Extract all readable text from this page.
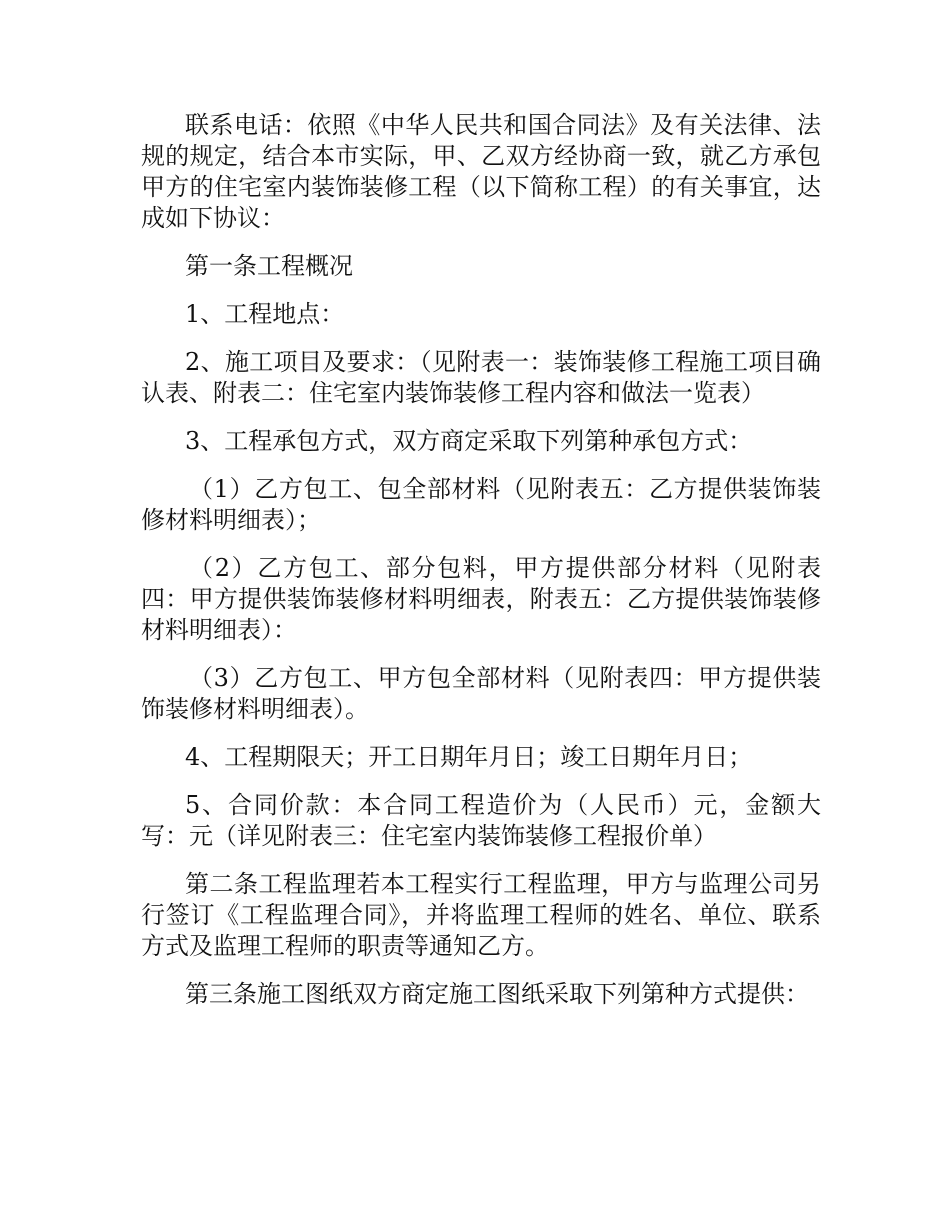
联系电话：依照《中华人民共和国合同法》及有关法律、法规的规定，结合本市实际，甲、乙双方经协商一致，就乙方承包甲方的住宅室内装饰装修工程（以下简称工程）的有关事宜，达成如下协议：

第一条工程概况

1、工程地点：

2、施工项目及要求：（见附表一：装饰装修工程施工项目确认表、附表二：住宅室内装饰装修工程内容和做法一览表）

3、工程承包方式，双方商定采取下列第种承包方式：

（1）乙方包工、包全部材料（见附表五：乙方提供装饰装修材料明细表）；

（2）乙方包工、部分包料，甲方提供部分材料（见附表四：甲方提供装饰装修材料明细表，附表五：乙方提供装饰装修材料明细表）：

（3）乙方包工、甲方包全部材料（见附表四：甲方提供装饰装修材料明细表）。

4、工程期限天；开工日期年月日；竣工日期年月日；

5、合同价款：本合同工程造价为（人民币）元，金额大写：元（详见附表三：住宅室内装饰装修工程报价单）

第二条工程监理若本工程实行工程监理，甲方与监理公司另行签订《工程监理合同》，并将监理工程师的姓名、单位、联系方式及监理工程师的职责等通知乙方。

第三条施工图纸双方商定施工图纸采取下列第种方式提供：
